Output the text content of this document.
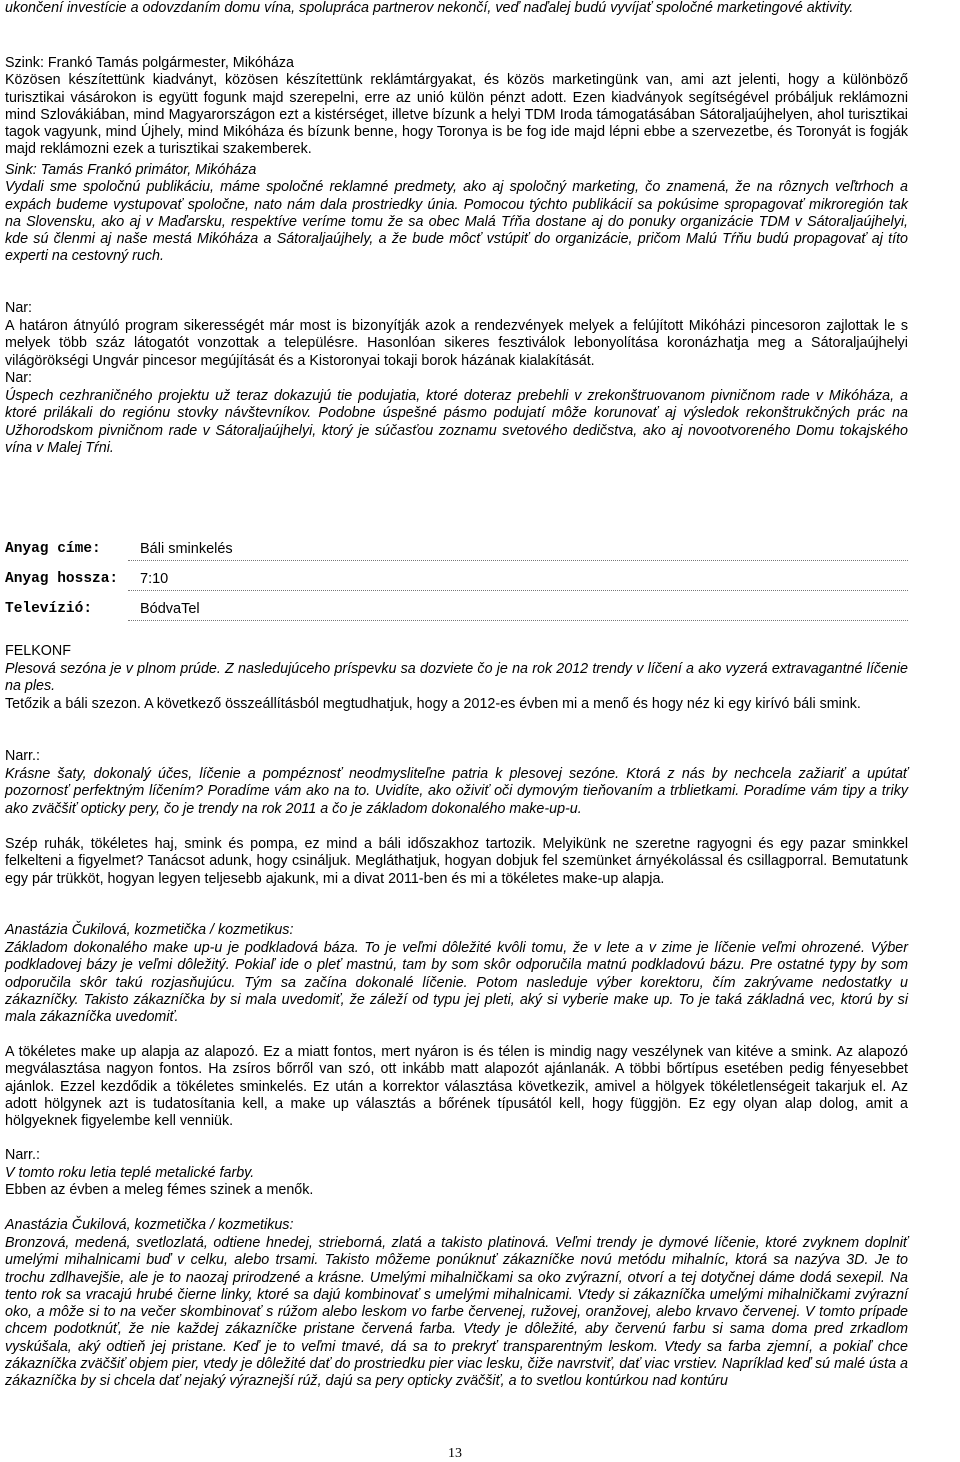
ukončení investície a odovzdaním domu vína, spolupráca partnerov nekončí, veď naďalej budú vyvíjať spoločné marketingové aktivity.

Szink: Frankó Tamás polgármester, Mikóháza
Közösen készítettünk kiadványt, közösen készítettünk reklámtárgyakat, és közös marketingünk van, ami azt jelenti, hogy a különböző turisztikai vásárokon is együtt fogunk majd szerepelni, erre az unió külön pénzt adott. Ezen kiadványok segítségével próbáljuk reklámozni mind Szlovákiában, mind Magyarországon ezt a kistérséget, illetve bízunk a helyi TDM Iroda támogatásában Sátoraljaújhelyen, ahol turisztikai tagok vagyunk, mind Újhely, mind Mikóháza és bízunk benne, hogy Toronya is be fog ide majd lépni ebbe a szervezetbe, és Toronyát is fogják majd reklámozni ezek a turisztikai szakemberek.

Sink: Tamás Frankó primátor, Mikóháza
Vydali sme spoločnú publikáciu, máme spoločné reklamné predmety, ako aj spoločný marketing, čo znamená, že na rôznych veľtrhoch a expách budeme vystupovať spoločne, nato nám dala prostriedky únia. Pomocou týchto publikácií sa pokúsime spropagovať mikroregión tak na Slovensku, ako aj v Maďarsku, respektíve veríme tomu že sa obec Malá Tŕňa dostane aj do ponuky organizácie TDM v Sátoraljaújhelyi, kde sú členmi aj naše mestá Mikóháza a Sátoraljaújhely, a že bude môcť vstúpiť do organizácie, pričom Malú Tŕňu budú propagovať aj títo experti na cestovný ruch.

Nar:

A határon átnyúló program sikerességét már most is bizonyítják azok a rendezvények melyek a felújított Mikóházi pincesoron zajlottak le s melyek több száz látogatót vonzottak a településre. Hasonlóan sikeres fesztiválok lebonyolítása koronázhatja meg a Sátoraljaújhelyi világörökségi Ungvár pincesor megújítását és a Kistoronyai tokaji borok házának kialakítását.

Nar:

Úspech cezhraničného projektu už teraz dokazujú tie podujatia, ktoré doteraz prebehli v zrekonštruovanom pivničnom rade v Mikóháza, a ktoré prilákali do regiónu stovky návštevníkov. Podobne úspešné pásmo podujatí môže korunovať aj výsledok rekonštrukčných prác na Užhorodskom pivničnom rade v Sátoraljaújhelyi, ktorý je súčasťou zoznamu svetového dedičstva, ako aj novootvoreného Domu tokajského vína v Malej Tŕni.

Anyag címe:	Báli sminkelés
Anyag hossza: 7:10
Televízió:	BódvaTel

FELKONF

Plesová sezóna je v plnom prúde. Z nasledujúceho príspevku sa dozviete čo je na rok 2012 trendy v líčení a ako vyzerá extravagantné líčenie na ples.

Tetőzik a báli szezon. A következő összeállításból megtudhatjuk, hogy a 2012-es évben mi a menő és hogy néz ki egy kirívó báli smink.

Narr.:

Krásne šaty, dokonalý účes, líčenie a pompéznosť neodmysliteľne patria k plesovej sezóne. Ktorá z nás by nechcela zažiariť a upútať pozornosť perfektným líčením? Poradíme vám ako na to. Uvidíte, ako oživiť oči dymovým tieňovaním a trblietkami. Poradíme vám tipy a triky ako zväčšiť opticky pery, čo je trendy na rok 2011 a čo je základom dokonalého make-up-u.

Szép ruhák, tökéletes haj, smink és pompa, ez mind a báli időszakhoz tartozik. Melyikünk ne szeretne ragyogni és egy pazar sminkkel felkelteni a figyelmet? Tanácsot adunk, hogy csináljuk. Megláthatjuk, hogyan dobjuk fel szemünket árnyékolással és csillagporral. Bemutatunk egy pár trükköt, hogyan legyen teljesebb ajakunk, mi a divat 2011-ben és mi a tökéletes make-up alapja.

Anastázia Čukilová, kozmetička / kozmetikus:

Základom dokonalého make up-u je podkladová báza. To je veľmi dôležité kvôli tomu, že v lete a v zime je líčenie veľmi ohrozené. Výber podkladovej bázy je veľmi dôležitý. Pokiaľ ide o pleť mastnú, tam by som skôr odporučila matnú podkladovú bázu. Pre ostatné typy by som odporučila skôr takú rozjasňujúcu. Tým sa začína dokonalé líčenie. Potom nasleduje výber korektoru, čím zakrývame nedostatky u zákazníčky. Takisto zákazníčka by si mala uvedomiť, že záleží od typu jej pleti, aký si vyberie make up. To je taká základná vec, ktorú by si mala zákazníčka uvedomiť.

A tökéletes make up alapja az alapozó. Ez a miatt fontos, mert nyáron is és télen is mindig nagy veszélynek van kitéve a smink. Az alapozó megválasztása nagyon fontos. Ha zsíros bőrről van szó, ott inkább matt alapozót ajánlanák. A többi bőrtípus esetében pedig fényesebbet ajánlok. Ezzel kezdődik a tökéletes sminkelés. Ez után a korrektor választása következik, amivel a hölgyek tökéletlenségeit takarjuk el. Az adott hölgynek azt is tudatosítania kell, a make up választás a bőrének típusától kell, hogy függjön. Ez egy olyan alap dolog, amit a hölgyeknek figyelembe kell venniük.

Narr.:

V tomto roku letia teplé metalické farby.

Ebben az évben a meleg fémes szinek a menők.

Anastázia Čukilová, kozmetička / kozmetikus:

Bronzová, medená, svetlozlatá, odtiene hnedej, strieborná, zlatá a takisto platinová. Veľmi trendy je dymové líčenie, ktoré zvyknem doplniť umelými mihalnicami buď v celku, alebo trsami. Takisto môžeme ponúknuť zákazníčke novú metódu mihalníc, ktorá sa nazýva 3D. Je to trochu zdlhavejšie, ale je to naozaj prirodzené a krásne. Umelými mihalničkami sa oko zvýrazní, otvorí a tej dotyčnej dáme dodá sexepil. Na tento rok sa vracajú hrubé čierne linky, ktoré sa dajú kombinovať s umelými mihalnicami. Vtedy si zákazníčka umelými mihalničkami zvýrazní oko, a môže si to na večer skombinovať s rúžom alebo leskom vo farbe červenej, ružovej, oranžovej, alebo krvavo červenej. V tomto prípade chcem podotknúť, že nie každej zákazníčke pristane červená farba. Vtedy je dôležité, aby červenú farbu si sama doma pred zrkadlom vyskúšala, aký odtieň jej pristane. Keď je to veľmi tmavé, dá sa to prekryť transparentným leskom. Vtedy sa farba zjemní, a pokiaľ chce zákazníčka zväčšiť objem pier, vtedy je dôležité dať do prostriedku pier viac lesku, čiže navrstviť, dať viac vrstiev. Napríklad keď sú malé ústa a zákazníčka by si chcela dať nejaký výraznejší rúž, dajú sa pery opticky zväčšiť, a to svetlou kontúrkou nad kontúru

13
